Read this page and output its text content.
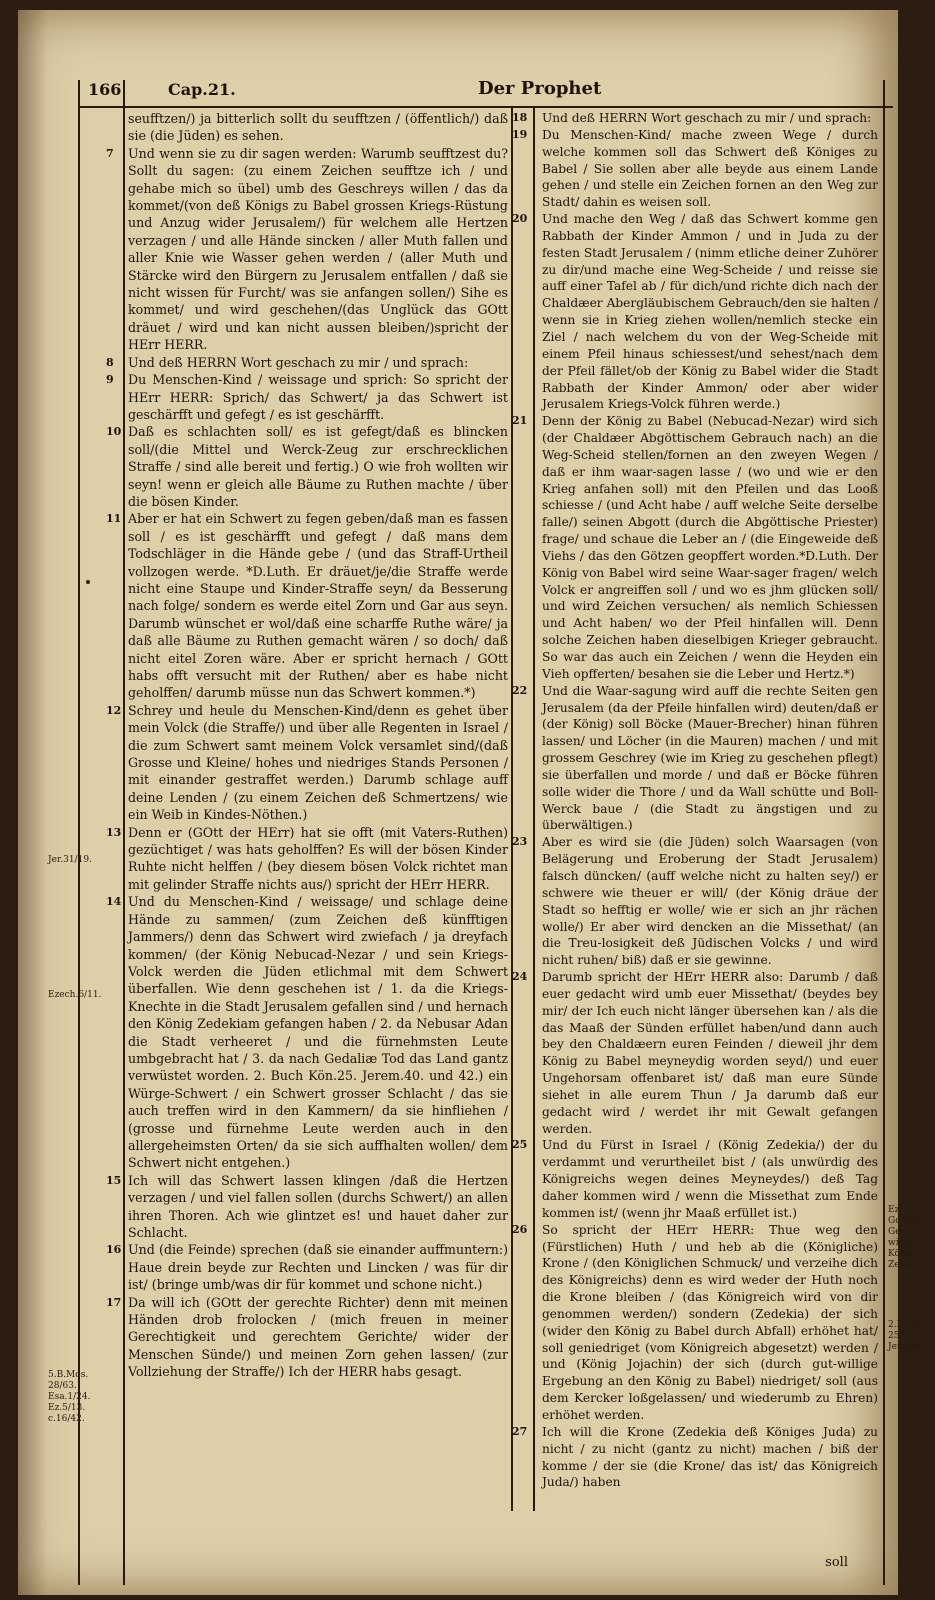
166	Cap.21.	Der Prophet
Jer.31/19.
Ezech.6/11.
5.B.Mos.
28/63.
Esa.1/24.
Ez.5/13.
c.16/42.
Ez.
Gottes
Gericht
wider König
Zedekiam
2.B.Kön.
25/6.
Jer.39/6.7.

seufftzen/) ja bitterlich sollt du seufftzen / (öffentlich/) daß sie (die Jüden) es sehen.

7 Und wenn sie zu dir sagen werden: Warumb seufftzest du? Sollt du sagen: (zu einem Zeichen seufftze ich / und gehabe mich so übel) umb des Geschreys willen / das da kommet/(von deß Königs zu Babel grossen Kriegs-Rüstung und Anzug wider Jerusalem/) für welchem alle Hertzen verzagen / und alle Hände sincken / aller Muth fallen und aller Knie wie Wasser gehen werden / (aller Muth und Stärcke wird den Bürgern zu Jerusalem entfallen / daß sie nicht wissen für Furcht/ was sie anfangen sollen/) Sihe es kommet/ und wird geschehen/(das Unglück das GOtt dräuet / wird und kan nicht aussen bleiben/)spricht der HErr HERR.

8 Und deß HERRN Wort geschach zu mir / und sprach:

9 Du Menschen-Kind / weissage und sprich: So spricht der HErr HERR: Sprich/ das Schwert/ ja das Schwert ist geschärfft und gefegt / es ist geschärfft.

10 Daß es schlachten soll/ es ist gefegt/daß es blincken soll/(die Mittel und Werck-Zeug zur erschrecklichen Straffe / sind alle bereit und fertig.) O wie froh wollten wir seyn! wenn er gleich alle Bäume zu Ruthen machte / über die bösen Kinder.

11 Aber er hat ein Schwert zu fegen geben/daß man es fassen soll / es ist geschärfft und gefegt / daß mans dem Todschläger in die Hände gebe / (und das Straff-Urtheil vollzogen werde. *D.Luth. Er dräuet/je/die Straffe werde nicht eine Staupe und Kinder-Straffe seyn/ da Besserung nach folge/ sondern es werde eitel Zorn und Gar aus seyn. Darumb wünschet er wol/daß eine scharffe Ruthe wäre/ ja daß alle Bäume zu Ruthen gemacht wären / so doch/ daß nicht eitel Zoren wäre. Aber er spricht hernach / GOtt habs offt versucht mit der Ruthen/ aber es habe nicht geholffen/ darumb müsse nun das Schwert kommen.*)

12 Schrey und heule du Menschen-Kind/denn es gehet über mein Volck (die Straffe/) und über alle Regenten in Israel / die zum Schwert samt meinem Volck versamlet sind/(daß Grosse und Kleine/ hohes und niedriges Stands Personen / mit einander gestraffet werden.) Darumb schlage auff deine Lenden / (zu einem Zeichen deß Schmertzens/ wie ein Weib in Kindes-Nöthen.)

13 Denn er (GOtt der HErr) hat sie offt (mit Vaters-Ruthen) gezüchtiget / was hats geholffen? Es will der bösen Kinder Ruhte nicht helffen / (bey diesem bösen Volck richtet man mit gelinder Straffe nichts aus/) spricht der HErr HERR.

14 Und du Menschen-Kind / weissage/ und schlage deine Hände zu sammen/ (zum Zeichen deß künfftigen Jammers/) denn das Schwert wird zwiefach / ja dreyfach kommen/ (der König Nebucad-Nezar / und sein Kriegs-Volck werden die Jüden etlichmal mit dem Schwert überfallen. Wie denn geschehen ist / 1. da die Kriegs-Knechte in die Stadt Jerusalem gefallen sind / und hernach den König Zedekiam gefangen haben / 2. da Nebusar Adan die Stadt verheeret / und die fürnehmsten Leute umbgebracht hat / 3. da nach Gedaliæ Tod das Land gantz verwüstet worden. 2. Buch Kön.25. Jerem.40. und 42.) ein Würge-Schwert / ein Schwert grosser Schlacht / das sie auch treffen wird in den Kammern/ da sie hinfliehen / (grosse und fürnehme Leute werden auch in den allergeheimsten Orten/ da sie sich auffhalten wollen/ dem Schwert nicht entgehen.)

15 Ich will das Schwert lassen klingen /daß die Hertzen verzagen / und viel fallen sollen (durchs Schwert/) an allen ihren Thoren. Ach wie glintzet es! und hauet daher zur Schlacht.

16 Und (die Feinde) sprechen (daß sie einander auffmuntern:) Haue drein beyde zur Rechten und Lincken / was für dir ist/ (bringe umb/was dir für kommet und schone nicht.)

17 Da will ich (GOtt der gerechte Richter) denn mit meinen Händen drob frolocken / (mich freuen in meiner Gerechtigkeit und gerechtem Gerichte/ wider der Menschen Sünde/) und meinen Zorn gehen lassen/ (zur Vollziehung der Straffe/) Ich der HERR habs gesagt.

18 Und deß HERRN Wort geschach zu mir / und sprach:

19 Du Menschen-Kind/ mache zween Wege / durch welche kommen soll das Schwert deß Königes zu Babel / Sie sollen aber alle beyde aus einem Lande gehen / und stelle ein Zeichen fornen an den Weg zur Stadt/ dahin es weisen soll.

20 Und mache den Weg / daß das Schwert komme gen Rabbath der Kinder Ammon / und in Juda zu der festen Stadt Jerusalem / (nimm etliche deiner Zuhörer zu dir/und mache eine Weg-Scheide / und reisse sie auff einer Tafel ab / für dich/und richte dich nach der Chaldæer Abergläubischem Gebrauch/den sie halten / wenn sie in Krieg ziehen wollen/nemlich stecke ein Ziel / nach welchem du von der Weg-Scheide mit einem Pfeil hinaus schiessest/und sehest/nach dem der Pfeil fället/ob der König zu Babel wider die Stadt Rabbath der Kinder Ammon/ oder aber wider Jerusalem Kriegs-Volck führen werde.)

21 Denn der König zu Babel (Nebucad-Nezar) wird sich (der Chaldæer Abgöttischem Gebrauch nach) an die Weg-Scheid stellen/fornen an den zweyen Wegen / daß er ihm waar-sagen lasse / (wo und wie er den Krieg anfahen soll) mit den Pfeilen und das Looß schiesse / (und Acht habe / auff welche Seite derselbe falle/) seinen Abgott (durch die Abgöttische Priester) frage/ und schaue die Leber an / (die Eingeweide deß Viehs / das den Götzen geopffert worden.*D.Luth. Der König von Babel wird seine Waar-sager fragen/ welch Volck er angreiffen soll / und wo es jhm glücken soll/ und wird Zeichen versuchen/ als nemlich Schiessen und Acht haben/ wo der Pfeil hinfallen will. Denn solche Zeichen haben dieselbigen Krieger gebraucht. So war das auch ein Zeichen / wenn die Heyden ein Vieh opfferten/ besahen sie die Leber und Hertz.*)

22 Und die Waar-sagung wird auff die rechte Seiten gen Jerusalem (da der Pfeile hinfallen wird) deuten/daß er (der König) soll Böcke (Mauer-Brecher) hinan führen lassen/ und Löcher (in die Mauren) machen / und mit grossem Geschrey (wie im Krieg zu geschehen pflegt) sie überfallen und morde / und daß er Böcke führen solle wider die Thore / und da Wall schütte und Boll-Werck baue / (die Stadt zu ängstigen und zu überwältigen.)

23 Aber es wird sie (die Jüden) solch Waarsagen (von Belägerung und Eroberung der Stadt Jerusalem) falsch düncken/ (auff welche nicht zu halten sey/) er schwere wie theuer er will/ (der König dräue der Stadt so hefftig er wolle/ wie er sich an jhr rächen wolle/) Er aber wird dencken an die Missethat/ (an die Treu-losigkeit deß Jüdischen Volcks / und wird nicht ruhen/ biß) daß er sie gewinne.

24 Darumb spricht der HErr HERR also: Darumb / daß euer gedacht wird umb euer Missethat/ (beydes bey mir/ der Ich euch nicht länger übersehen kan / als die das Maaß der Sünden erfüllet haben/und dann auch bey den Chaldæern euren Feinden / dieweil jhr dem König zu Babel meyneydig worden seyd/) und euer Ungehorsam offenbaret ist/ daß man eure Sünde siehet in alle eurem Thun / Ja darumb daß eur gedacht wird / werdet ihr mit Gewalt gefangen werden.

25 Und du Fürst in Israel / (König Zedekia/) der du verdammt und verurtheilet bist / (als unwürdig des Königreichs wegen deines Meyneydes/) deß Tag daher kommen wird / wenn die Missethat zum Ende kommen ist/ (wenn jhr Maaß erfüllet ist.)

26 So spricht der HErr HERR: Thue weg den (Fürstlichen) Huth / und heb ab die (Königliche) Krone / (den Königlichen Schmuck/ und verzeihe dich des Königreichs) denn es wird weder der Huth noch die Krone bleiben / (das Königreich wird von dir genommen werden/) sondern (Zedekia) der sich (wider den König zu Babel durch Abfall) erhöhet hat/ soll geniedriget (vom Königreich abgesetzt) werden / und (König Jojachin) der sich (durch gut-willige Ergebung an den König zu Babel) niedriget/ soll (aus dem Kercker loßgelassen/ und wiederumb zu Ehren) erhöhet werden.

27 Ich will die Krone (Zedekia deß Königes Juda) zu nicht / zu nicht (gantz zu nicht) machen / biß der komme / der sie (die Krone/ das ist/ das Königreich Juda/) haben

soll
